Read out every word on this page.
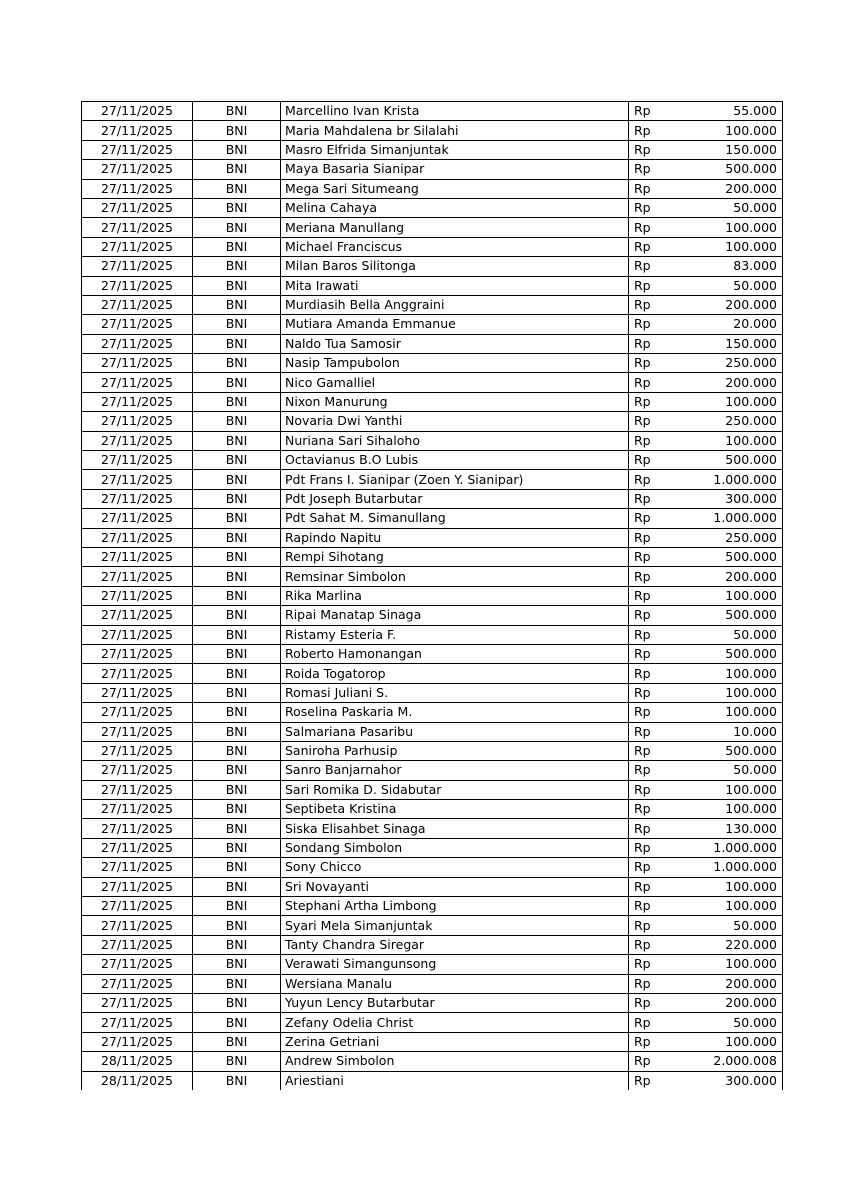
27/11/2025	BNI	Marcellino Ivan Krista	Rp	55.000
27/11/2025	BNI	Maria Mahdalena br Silalahi	Rp	100.000
27/11/2025	BNI	Masro Elfrida Simanjuntak	Rp	150.000
27/11/2025	BNI	Maya Basaria Sianipar	Rp	500.000
27/11/2025	BNI	Mega Sari Situmeang	Rp	200.000
27/11/2025	BNI	Melina Cahaya	Rp	50.000
27/11/2025	BNI	Meriana Manullang	Rp	100.000
27/11/2025	BNI	Michael Franciscus	Rp	100.000
27/11/2025	BNI	Milan Baros Silitonga	Rp	83.000
27/11/2025	BNI	Mita Irawati	Rp	50.000
27/11/2025	BNI	Murdiasih Bella Anggraini	Rp	200.000
27/11/2025	BNI	Mutiara Amanda Emmanue	Rp	20.000
27/11/2025	BNI	Naldo Tua Samosir	Rp	150.000
27/11/2025	BNI	Nasip Tampubolon	Rp	250.000
27/11/2025	BNI	Nico Gamalliel	Rp	200.000
27/11/2025	BNI	Nixon Manurung	Rp	100.000
27/11/2025	BNI	Novaria Dwi Yanthi	Rp	250.000
27/11/2025	BNI	Nuriana Sari Sihaloho	Rp	100.000
27/11/2025	BNI	Octavianus B.O Lubis	Rp	500.000
27/11/2025	BNI	Pdt Frans I. Sianipar (Zoen Y. Sianipar)	Rp	1.000.000
27/11/2025	BNI	Pdt Joseph Butarbutar	Rp	300.000
27/11/2025	BNI	Pdt Sahat M. Simanullang	Rp	1.000.000
27/11/2025	BNI	Rapindo Napitu	Rp	250.000
27/11/2025	BNI	Rempi Sihotang	Rp	500.000
27/11/2025	BNI	Remsinar Simbolon	Rp	200.000
27/11/2025	BNI	Rika Marlina	Rp	100.000
27/11/2025	BNI	Ripai Manatap Sinaga	Rp	500.000
27/11/2025	BNI	Ristamy Esteria F.	Rp	50.000
27/11/2025	BNI	Roberto Hamonangan	Rp	500.000
27/11/2025	BNI	Roida Togatorop	Rp	100.000
27/11/2025	BNI	Romasi Juliani S.	Rp	100.000
27/11/2025	BNI	Roselina Paskaria M.	Rp	100.000
27/11/2025	BNI	Salmariana Pasaribu	Rp	10.000
27/11/2025	BNI	Saniroha Parhusip	Rp	500.000
27/11/2025	BNI	Sanro Banjarnahor	Rp	50.000
27/11/2025	BNI	Sari Romika D. Sidabutar	Rp	100.000
27/11/2025	BNI	Septibeta Kristina	Rp	100.000
27/11/2025	BNI	Siska Elisahbet Sinaga	Rp	130.000
27/11/2025	BNI	Sondang Simbolon	Rp	1.000.000
27/11/2025	BNI	Sony Chicco	Rp	1.000.000
27/11/2025	BNI	Sri Novayanti	Rp	100.000
27/11/2025	BNI	Stephani Artha Limbong	Rp	100.000
27/11/2025	BNI	Syari Mela Simanjuntak	Rp	50.000
27/11/2025	BNI	Tanty Chandra Siregar	Rp	220.000
27/11/2025	BNI	Verawati Simangunsong	Rp	100.000
27/11/2025	BNI	Wersiana Manalu	Rp	200.000
27/11/2025	BNI	Yuyun Lency Butarbutar	Rp	200.000
27/11/2025	BNI	Zefany Odelia Christ	Rp	50.000
27/11/2025	BNI	Zerina Getriani	Rp	100.000
28/11/2025	BNI	Andrew Simbolon	Rp	2.000.008
28/11/2025	BNI	Ariestiani	Rp	300.000
